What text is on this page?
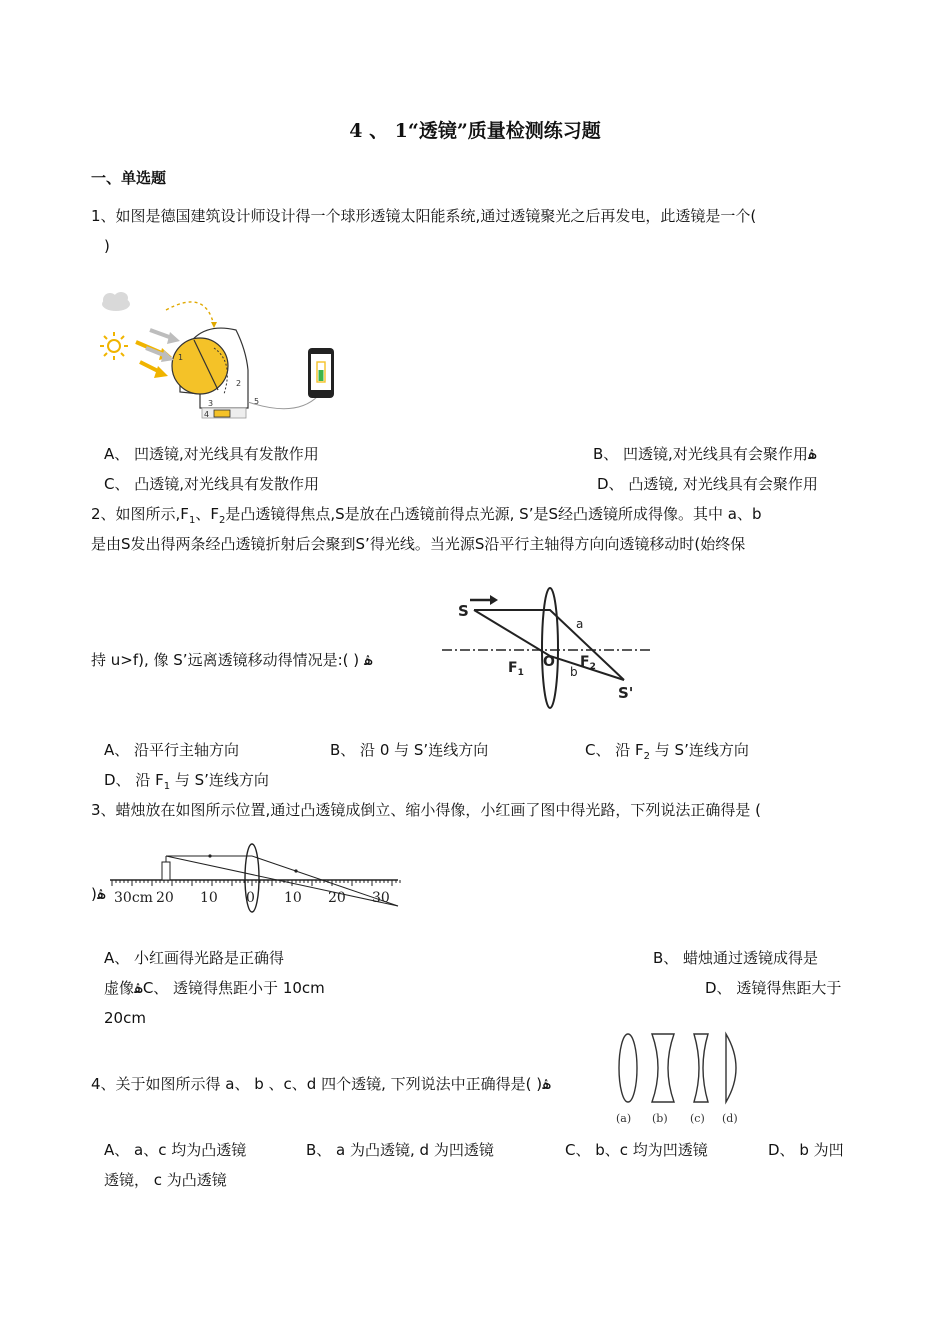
4 、 1“透镜”质量检测练习题
一、单选题
1、如图是德国建筑设计师设计得一个球形透镜太阳能系统,通过透镜聚光之后再发电，此透镜是一个(
)
1
2
3
4
5
A、 凹透镜,对光线具有发散作用	B、 凹透镜,对光线具有会聚作用ۿ
C、 凸透镜,对光线具有发散作用	D、 凸透镜, 对光线具有会聚作用
2、如图所示$,F_1$、$F_2$是凸透镜得焦点,S是放在凸透镜前得点光源, S’是S经凸透镜所成得像。其中 a、b
是由S发出得两条经凸透镜折射后会聚到S’得光线。当光源S沿平行主轴得方向向透镜移动时(始终保
S
a
b
O
$F_1$
$F_2$
S'
持 u>f), 像 S’远离透镜移动得情况是:( ) ۿ
A、 沿平行主轴方向	B、 沿 0 与 S’连线方向	C、 沿 $F_2$ 与 S’连线方向
D、 沿 $F_1$ 与 S’连线方向
3、蜡烛放在如图所示位置,通过凸透镜成倒立、缩小得像，小红画了图中得光路，下列说法正确得是 (
30cm 20 10 0 10 20 30
)ۿ
A、 小红画得光路是正确得	B、 蜡烛通过透镜成得是
虚像ۿC、 透镜得焦距小于 10cm	D、 透镜得焦距大于
20cm
(a) (b) (c) (d)
4、关于如图所示得 a、 b 、c、d 四个透镜, 下列说法中正确得是( )ۿ
A、 a、c 均为凸透镜	B、 a 为凸透镜, d 为凹透镜	C、 b、c 均为凹透镜	D、 b 为凹
透镜， c 为凸透镜
